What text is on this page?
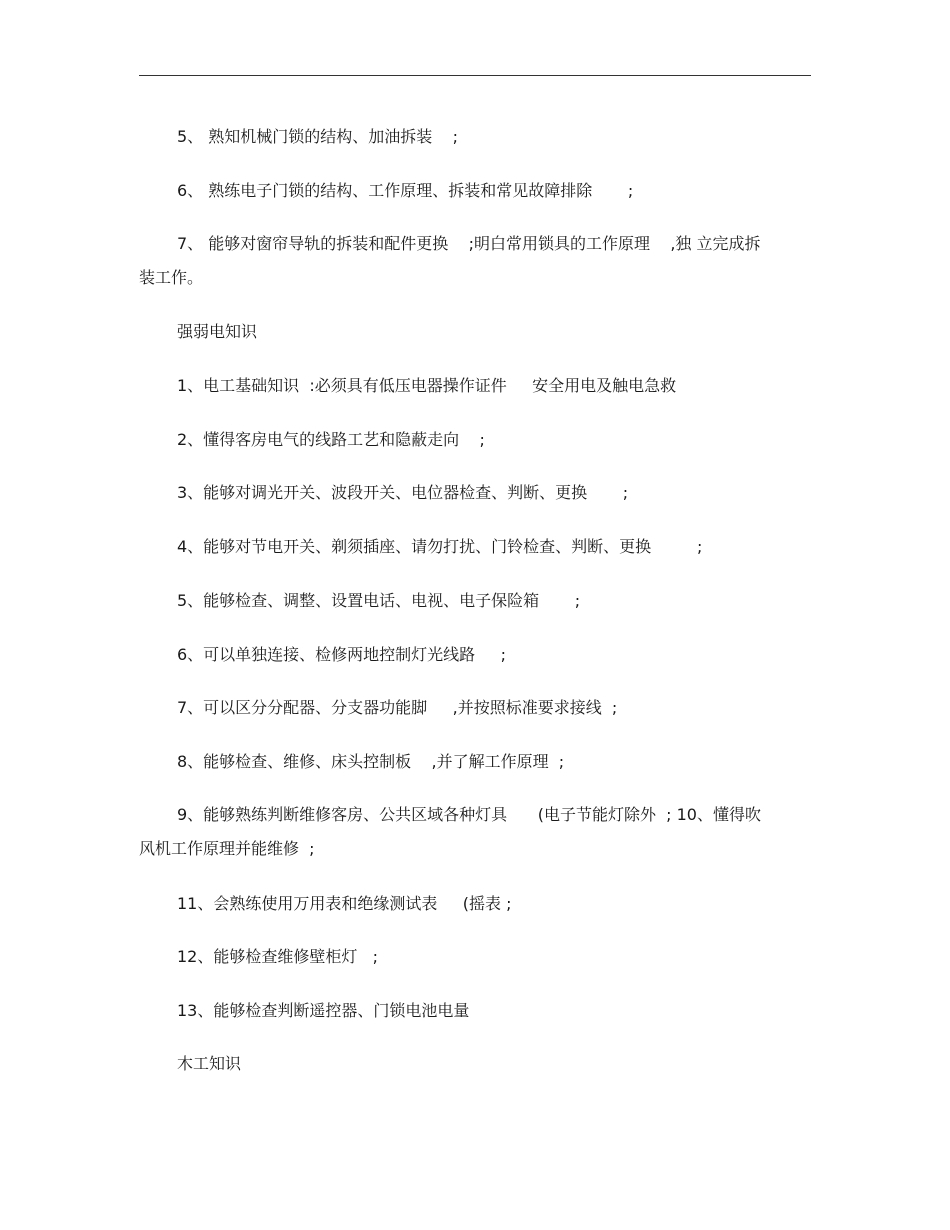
5、 熟知机械门锁的结构、加油拆装    ;
6、 熟练电子门锁的结构、工作原理、拆装和常见故障排除       ;
7、 能够对窗帘导轨的拆装和配件更换    ;明白常用锁具的工作原理    ,独 立完成拆
装工作。
强弱电知识
1、电工基础知识  :必须具有低压电器操作证件     安全用电及触电急救
2、懂得客房电气的线路工艺和隐蔽走向    ;
3、能够对调光开关、波段开关、电位器检查、判断、更换       ;
4、能够对节电开关、剃须插座、请勿打扰、门铃检查、判断、更换         ;
5、能够检查、调整、设置电话、电视、电子保险箱       ;
6、可以单独连接、检修两地控制灯光线路     ;
7、可以区分分配器、分支器功能脚     ,并按照标准要求接线  ;
8、能够检查、维修、床头控制板    ,并了解工作原理  ;
9、能够熟练判断维修客房、公共区域各种灯具      (电子节能灯除外  ; 10、懂得吹
风机工作原理并能维修  ;
11、会熟练使用万用表和绝缘测试表     (摇表 ;
12、能够检查维修壁柜灯   ;
13、能够检查判断遥控器、门锁电池电量
木工知识
